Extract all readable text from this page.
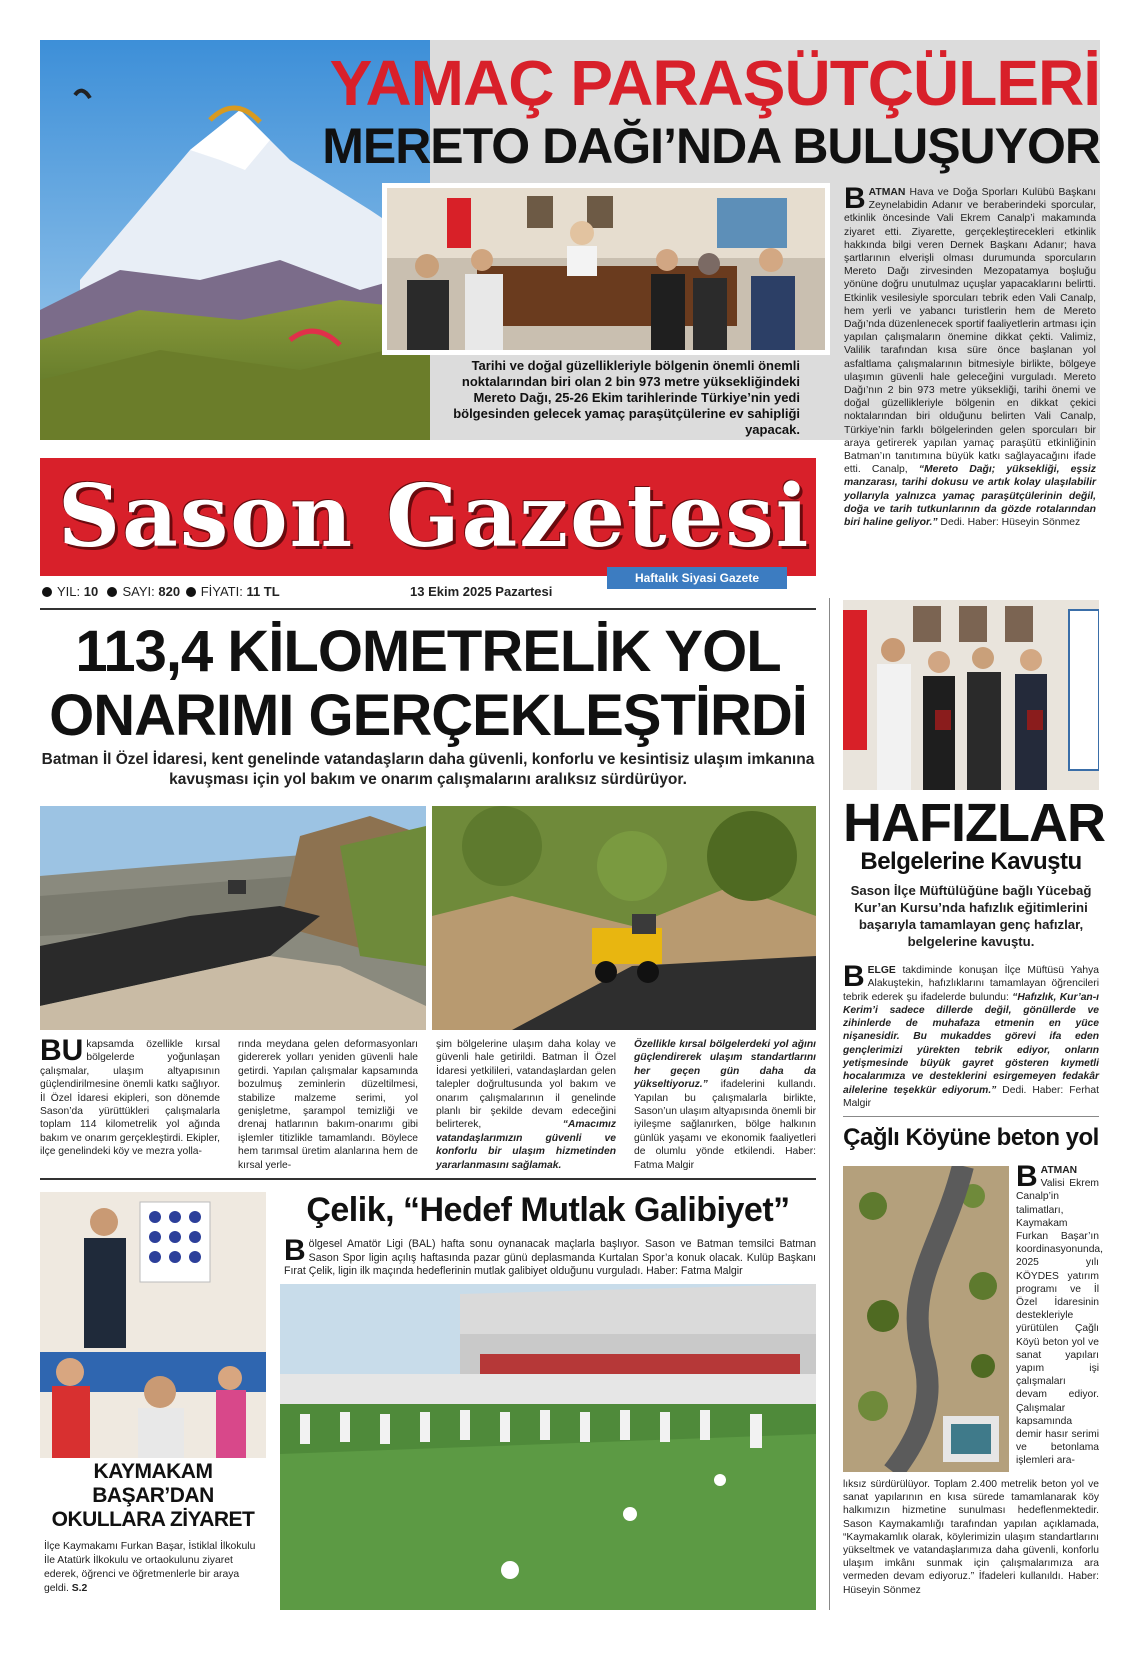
YAMAÇ PARAŞÜTÇÜLERİ
MERETO DAĞI’NDA BULUŞUYOR
Tarihi ve doğal güzellikleriyle bölgenin önemli önemli noktalarından biri olan 2 bin 973 metre yüksekliğindeki Mereto Dağı, 25-26 Ekim tarihlerinde Türkiye’nin yedi bölgesinden gelecek yamaç paraşütçülerine ev sahipliği yapacak.
BATMAN Hava ve Doğa Sporları Kulübü Başkanı Zeynelabidin Adanır ve beraberindeki sporcular, etkinlik öncesinde Vali Ekrem Canalp’i makamında ziyaret etti. Ziyarette, gerçekleştirecekleri etkinlik hakkında bilgi veren Dernek Başkanı Adanır; hava şartlarının elverişli olması durumunda sporcuların Mereto Dağı zirvesinden Mezopatamya boşluğu yönüne doğru unutulmaz uçuşlar yapacaklarını belirtti. Etkinlik vesilesiyle sporcuları tebrik eden Vali Canalp, hem yerli ve yabancı turistlerin hem de Mereto Dağı’nda düzenlenecek sportif faaliyetlerin artması için yapılan çalışmaların önemine dikkat çekti. Valimiz, Valilik tarafından kısa süre önce başlanan yol asfaltlama çalışmalarının bitmesiyle birlikte, bölgeye ulaşımın güvenli hale geleceğini vurguladı. Mereto Dağı’nın 2 bin 973 metre yüksekliği, tarihi önemi ve doğal güzellikleriyle bölgenin en dikkat çekici noktalarından biri olduğunu belirten Vali Canalp, Türkiye’nin farklı bölgelerinden gelen sporcuları bir araya getirerek yapılan yamaç paraşütü etkinliğinin Batman’ın tanıtımına büyük katkı sağlayacağını ifade etti. Canalp, “Mereto Dağı; yüksekliği, eşsiz manzarası, tarihi dokusu ve artık kolay ulaşılabilir yollarıyla yalnızca yamaç paraşütçülerinin değil, doğa ve tarih tutkunlarının da gözde rotalarından biri haline geliyor.” Dedi. Haber: Hüseyin Sönmez
Sason Gazetesi
Haftalık Siyasi Gazete
YIL: 10 SAYI: 820 FİYATI: 11 TL	13 Ekim 2025 Pazartesi
113,4 KİLOMETRELİK YOL
ONARIMI GERÇEKLEŞTİRDİ
Batman İl Özel İdaresi, kent genelinde vatandaşların daha güvenli, konforlu ve kesintisiz ulaşım imkanına kavuşması için yol bakım ve onarım çalışmalarını aralıksız sürdürüyor.
BU kapsamda özellikle kırsal bölgelerde yoğunlaşan çalışmalar, ulaşım altyapısının güçlendirilmesine önemli katkı sağlıyor. İl Özel İdaresi ekipleri, son dönemde Sason’da yürüttükleri çalışmalarla toplam 114 kilometrelik yol ağında bakım ve onarım gerçekleştirdi. Ekipler, ilçe genelindeki köy ve mezra yolla-
rında meydana gelen deformasyonları gidererek yolları yeniden güvenli hale getirdi. Yapılan çalışmalar kapsamında bozulmuş zeminlerin düzeltilmesi, stabilize malzeme serimi, yol genişletme, şarampol temizliği ve drenaj hatlarının bakım-onarımı gibi işlemler titizlikle tamamlandı. Böylece hem tarımsal üretim alanlarına hem de kırsal yerle-
şim bölgelerine ulaşım daha kolay ve güvenli hale getirildi. Batman İl Özel İdaresi yetkilileri, vatandaşlardan gelen talepler doğrultusunda yol bakım ve onarım çalışmalarının il genelinde planlı bir şekilde devam edeceğini belirterek, “Amacımız vatandaşlarımızın güvenli ve konforlu bir ulaşım hizmetinden yararlanmasını sağlamak.
Özellikle kırsal bölgelerdeki yol ağını güçlendirerek ulaşım standartlarını her geçen gün daha da yükseltiyoruz.” ifadelerini kullandı. Yapılan bu çalışmalarla birlikte, Sason’un ulaşım altyapısında önemli bir iyileşme sağlanırken, bölge halkının günlük yaşamı ve ekonomik faaliyetleri de olumlu yönde etkilendi. Haber: Fatma Malgir
HAFIZLAR
Belgelerine Kavuştu
Sason İlçe Müftülüğüne bağlı Yücebağ Kur’an Kursu’nda hafızlık eğitimlerini başarıyla tamamlayan genç hafızlar, belgelerine kavuştu.
BELGE takdiminde konuşan İlçe Müftüsü Yahya Alakuştekin, hafızlıklarını tamamlayan öğrencileri tebrik ederek şu ifadelerde bulundu: “Hafızlık, Kur’an-ı Kerim’i sadece dillerde değil, gönüllerde ve zihinlerde de muhafaza etmenin en yüce nişanesidir. Bu mukaddes görevi ifa eden gençlerimizi yürekten tebrik ediyor, onların yetişmesinde büyük gayret gösteren kıymetli hocalarımıza ve desteklerini esirgemeyen fedakâr ailelerine teşekkür ediyorum.” Dedi. Haber: Ferhat Malgir
Çağlı Köyüne beton yol
BATMAN Valisi Ekrem Canalp’in talimatları, Kaymakam Furkan Başar’ın koordinasyonunda, 2025 yılı KÖYDES yatırım programı ve İl Özel İdaresinin destekleriyle yürütülen Çağlı Köyü beton yol ve sanat yapıları yapım işi çalışmaları devam ediyor. Çalışmalar kapsamında demir hasır serimi ve betonlama işlemleri ara-
lıksız sürdürülüyor. Toplam 2.400 metrelik beton yol ve sanat yapılarının en kısa sürede tamamlanarak köy halkımızın hizmetine sunulması hedeflenmektedir. Sason Kaymakamlığı tarafından yapılan açıklamada, “Kaymakamlık olarak, köylerimizin ulaşım standartlarını yükseltmek ve vatandaşlarımıza daha güvenli, konforlu ulaşım imkânı sunmak için çalışmalarımıza ara vermeden devam ediyoruz.” İfadeleri kullanıldı. Haber: Hüseyin Sönmez
KAYMAKAM BAŞAR’DAN OKULLARA ZİYARET
İlçe Kaymakamı Furkan Başar, İstiklal İlkokulu İle Atatürk İlkokulu ve ortaokulunu ziyaret ederek, öğrenci ve öğretmenlerle bir araya geldi. S.2
Çelik, “Hedef Mutlak Galibiyet”
Bölgesel Amatör Ligi (BAL) hafta sonu oynanacak maçlarla başlıyor. Sason ve Batman temsilci Batman Sason Spor ligin açılış haftasında pazar günü deplasmanda Kurtalan Spor’a konuk olacak. Kulüp Başkanı Fırat Çelik, ligin ilk maçında hedeflerinin mutlak galibiyet olduğunu vurguladı. Haber: Fatma Malgir
